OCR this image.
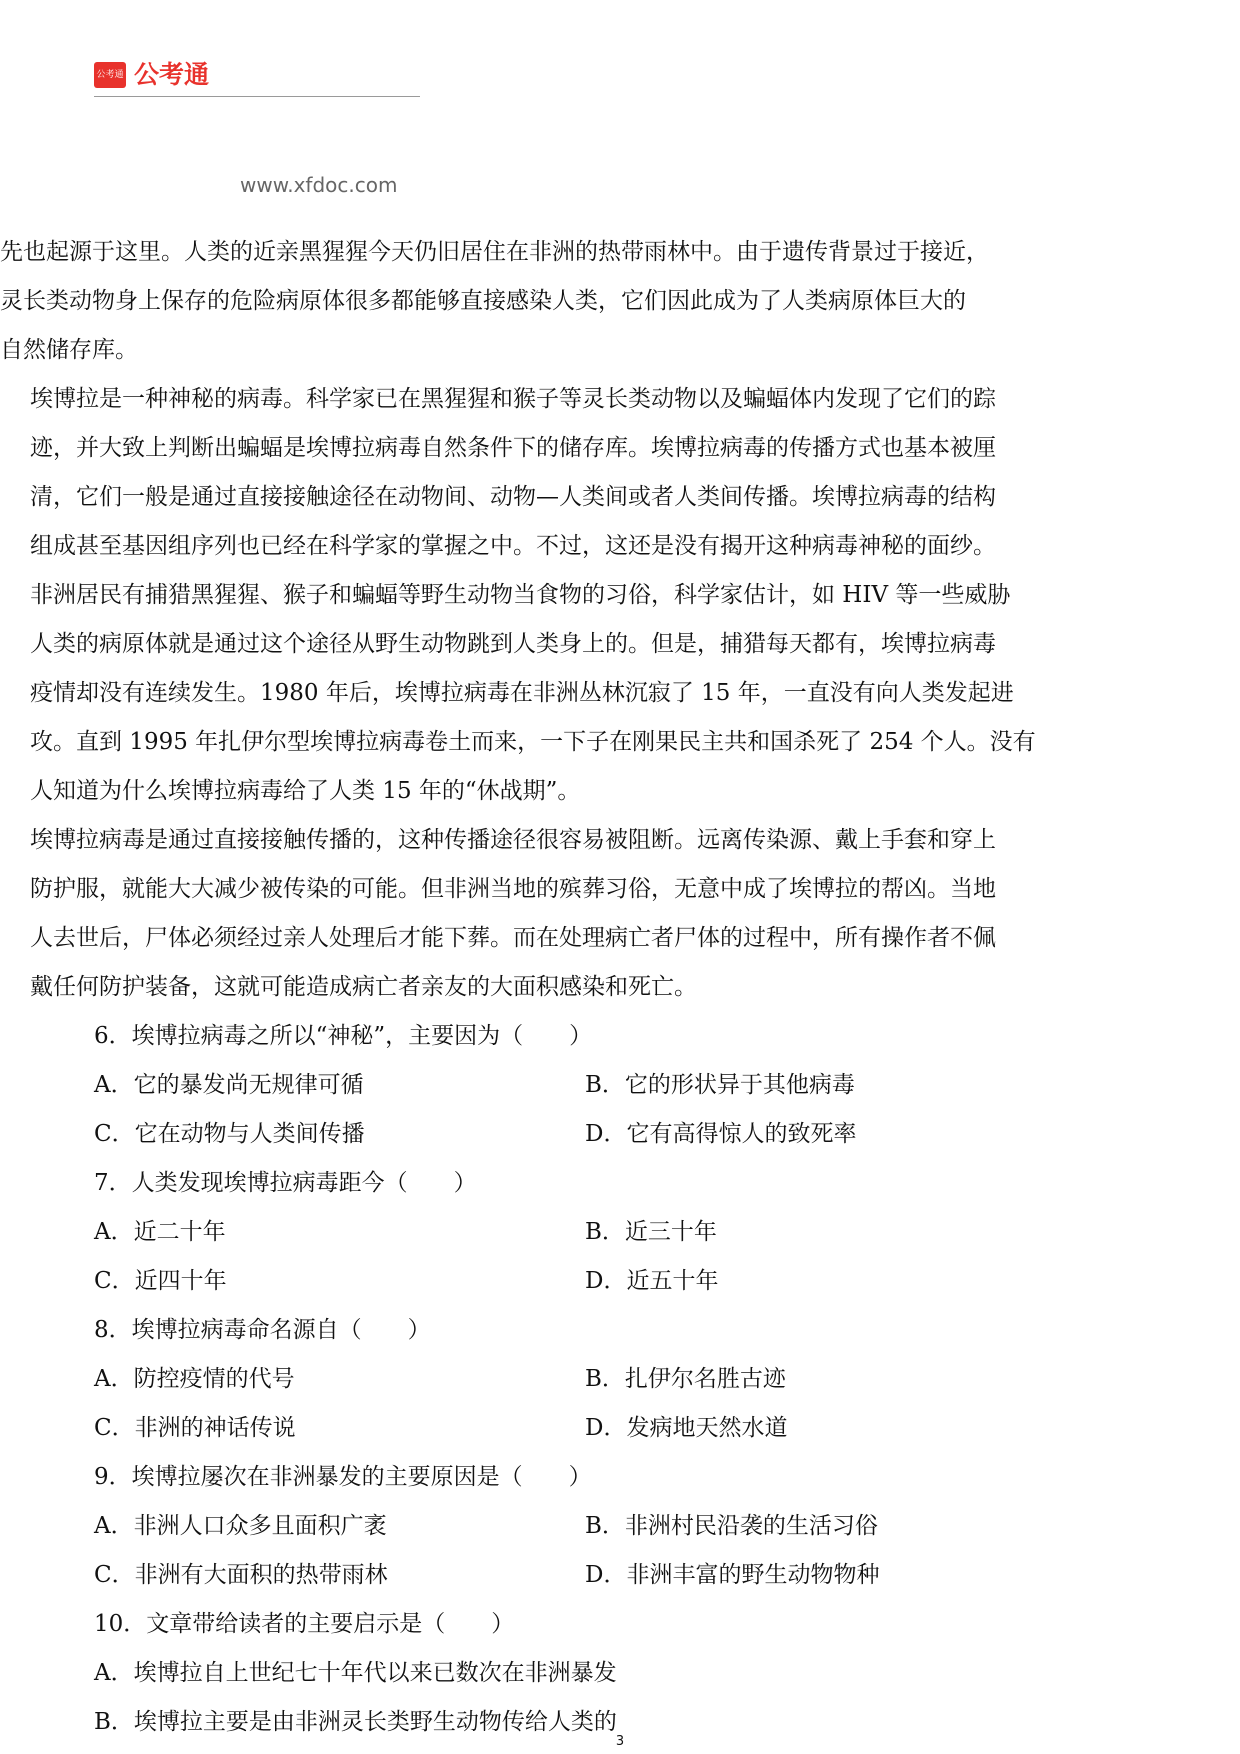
公考通 公考通
www.xfdoc.com
先也起源于这里。人类的近亲黑猩猩今天仍旧居住在非洲的热带雨林中。由于遗传背景过于接近，
灵长类动物身上保存的危险病原体很多都能够直接感染人类，它们因此成为了人类病原体巨大的
自然储存库。
埃博拉是一种神秘的病毒。科学家已在黑猩猩和猴子等灵长类动物以及蝙蝠体内发现了它们的踪
迹，并大致上判断出蝙蝠是埃博拉病毒自然条件下的储存库。埃博拉病毒的传播方式也基本被厘
清，它们一般是通过直接接触途径在动物间、动物—人类间或者人类间传播。埃博拉病毒的结构
组成甚至基因组序列也已经在科学家的掌握之中。不过，这还是没有揭开这种病毒神秘的面纱。
非洲居民有捕猎黑猩猩、猴子和蝙蝠等野生动物当食物的习俗，科学家估计，如 HIV 等一些威胁
人类的病原体就是通过这个途径从野生动物跳到人类身上的。但是，捕猎每天都有，埃博拉病毒
疫情却没有连续发生。1980 年后，埃博拉病毒在非洲丛林沉寂了 15 年，一直没有向人类发起进
攻。直到 1995 年扎伊尔型埃博拉病毒卷土而来，一下子在刚果民主共和国杀死了 254 个人。没有
人知道为什么埃博拉病毒给了人类 15 年的“休战期”。
埃博拉病毒是通过直接接触传播的，这种传播途径很容易被阻断。远离传染源、戴上手套和穿上
防护服，就能大大减少被传染的可能。但非洲当地的殡葬习俗，无意中成了埃博拉的帮凶。当地
人去世后，尸体必须经过亲人处理后才能下葬。而在处理病亡者尸体的过程中，所有操作者不佩
戴任何防护装备，这就可能造成病亡者亲友的大面积感染和死亡。
6．埃博拉病毒之所以“神秘”，主要因为（　　）
A．它的暴发尚无规律可循	B．它的形状异于其他病毒
C．它在动物与人类间传播	D．它有高得惊人的致死率
7．人类发现埃博拉病毒距今（　　）
A．近二十年	B．近三十年
C．近四十年	D．近五十年
8．埃博拉病毒命名源自（　　）
A．防控疫情的代号	B．扎伊尔名胜古迹
C．非洲的神话传说	D．发病地天然水道
9．埃博拉屡次在非洲暴发的主要原因是（　　）
A．非洲人口众多且面积广袤	B．非洲村民沿袭的生活习俗
C．非洲有大面积的热带雨林	D．非洲丰富的野生动物物种
10．文章带给读者的主要启示是（　　）
A．埃博拉自上世纪七十年代以来已数次在非洲暴发
B．埃博拉主要是由非洲灵长类野生动物传给人类的
3
